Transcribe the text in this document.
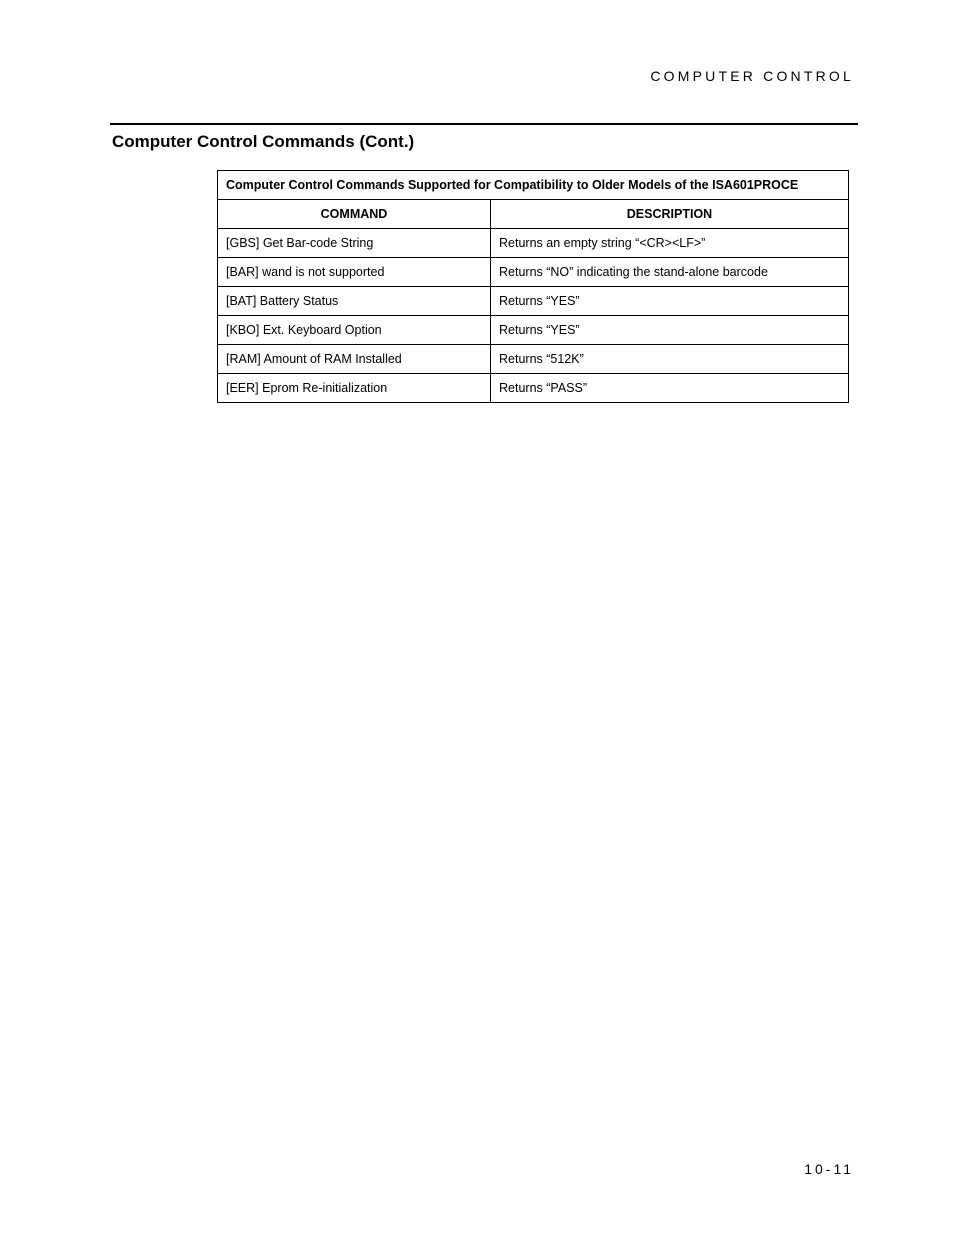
COMPUTER CONTROL
Computer Control Commands (Cont.)
Computer Control Commands Supported for Compatibility to Older Models of the ISA601PROCE	
COMMAND	DESCRIPTION
[GBS] Get Bar-code String	Returns an empty string “<CR><LF>”
[BAR] wand is not supported	Returns “NO” indicating the stand-alone barcode
[BAT] Battery Status	Returns “YES”
[KBO] Ext. Keyboard Option	Returns “YES”
[RAM] Amount of RAM Installed	Returns “512K”
[EER] Eprom Re-initialization	Returns “PASS”
10-11
